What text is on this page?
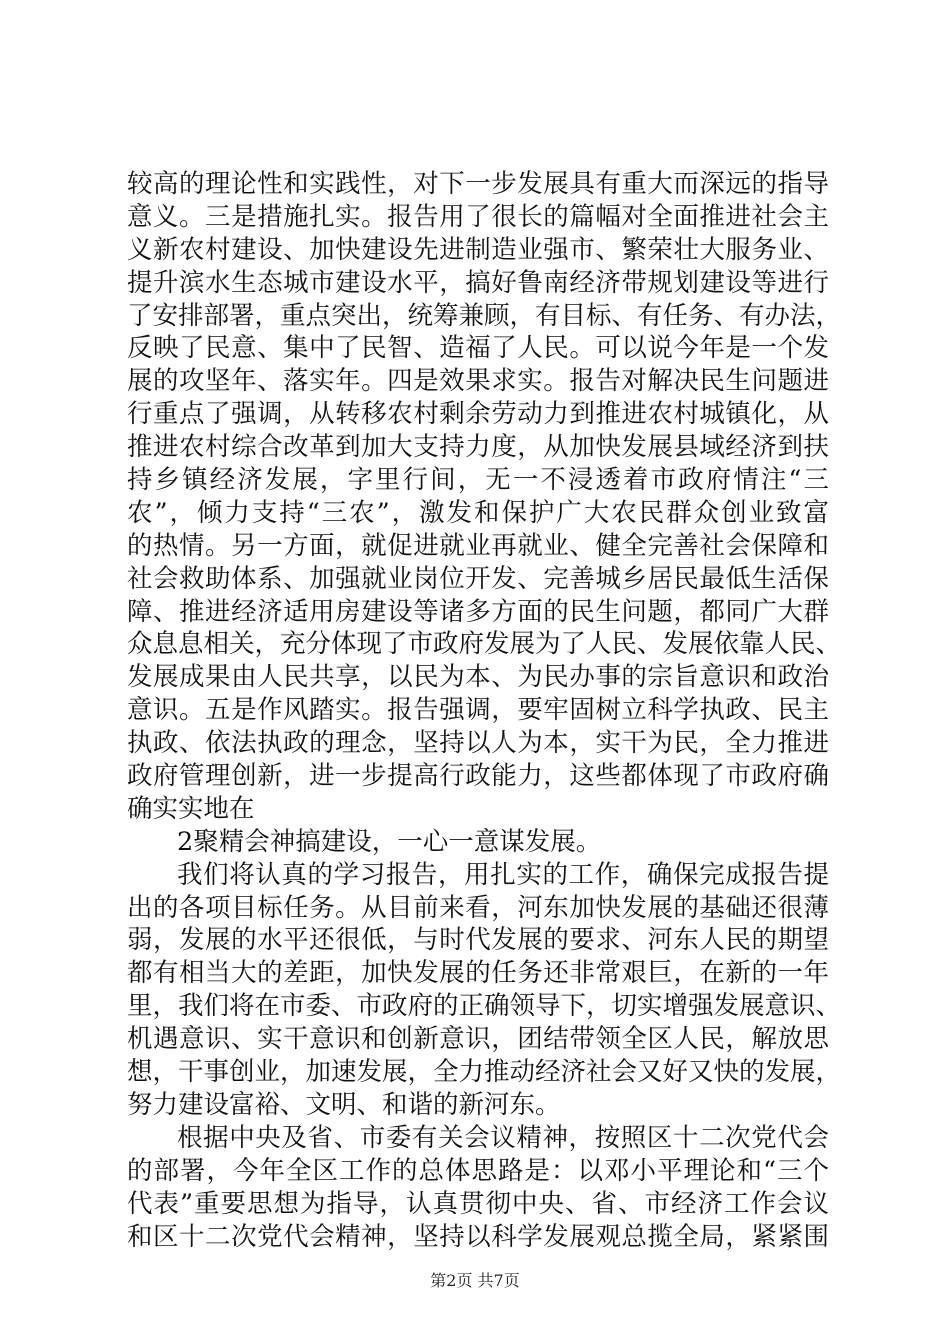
较高的理论性和实践性，对下一步发展具有重大而深远的指导
意义。三是措施扎实。报告用了很长的篇幅对全面推进社会主
义新农村建设、加快建设先进制造业强市、繁荣壮大服务业、
提升滨水生态城市建设水平，搞好鲁南经济带规划建设等进行
了安排部署，重点突出，统筹兼顾，有目标、有任务、有办法，
反映了民意、集中了民智、造福了人民。可以说今年是一个发
展的攻坚年、落实年。四是效果求实。报告对解决民生问题进
行重点了强调，从转移农村剩余劳动力到推进农村城镇化，从
推进农村综合改革到加大支持力度，从加快发展县域经济到扶
持乡镇经济发展，字里行间，无一不浸透着市政府情注“三
农”，倾力支持“三农”，激发和保护广大农民群众创业致富
的热情。另一方面，就促进就业再就业、健全完善社会保障和
社会救助体系、加强就业岗位开发、完善城乡居民最低生活保
障、推进经济适用房建设等诸多方面的民生问题，都同广大群
众息息相关，充分体现了市政府发展为了人民、发展依靠人民、
发展成果由人民共享，以民为本、为民办事的宗旨意识和政治
意识。五是作风踏实。报告强调，要牢固树立科学执政、民主
执政、依法执政的理念，坚持以人为本，实干为民，全力推进
政府管理创新，进一步提高行政能力，这些都体现了市政府确
确实实地在
2聚精会神搞建设，一心一意谋发展。
我们将认真的学习报告，用扎实的工作，确保完成报告提
出的各项目标任务。从目前来看，河东加快发展的基础还很薄
弱，发展的水平还很低，与时代发展的要求、河东人民的期望
都有相当大的差距，加快发展的任务还非常艰巨，在新的一年
里，我们将在市委、市政府的正确领导下，切实增强发展意识、
机遇意识、实干意识和创新意识，团结带领全区人民，解放思
想，干事创业，加速发展，全力推动经济社会又好又快的发展，
努力建设富裕、文明、和谐的新河东。
根据中央及省、市委有关会议精神，按照区十二次党代会
的部署，今年全区工作的总体思路是：以邓小平理论和“三个
代表”重要思想为指导，认真贯彻中央、省、市经济工作会议
和区十二次党代会精神，坚持以科学发展观总揽全局，紧紧围
第2页 共7页
